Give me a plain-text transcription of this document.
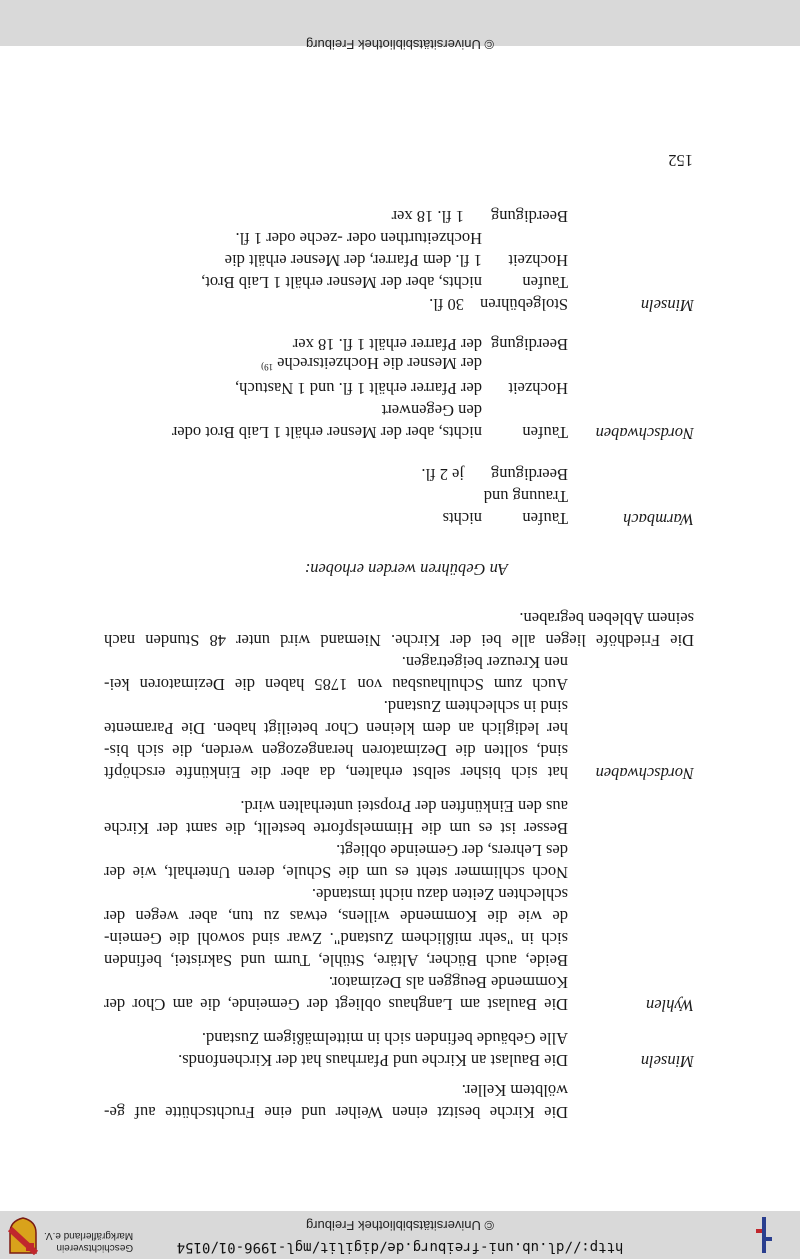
http://dl.ub.uni-freiburg.de/digilit/mgl-1996-01/0154
© Universitätsbibliothek Freiburg
Geschichtsverein
Markgräflerland e.V.
© Universitätsbibliothek Freiburg
152
Die Kirche besitzt einen Weiher und eine Fruchtschütte auf ge-
wölbtem Keller.
Minseln
Die Baulast an Kirche und Pfarrhaus hat der Kirchenfonds.
Alle Gebäude befinden sich in mittelmäßigem Zustand.
Wyhlen
Die Baulast am Langhaus obliegt der Gemeinde, die am Chor der
Kommende Beuggen als Dezimator.
Beide, auch Bücher, Altäre, Stühle, Turm und Sakristei, befinden
sich in "sehr mißlichem Zustand". Zwar sind sowohl die Gemein-
de wie die Kommende willens, etwas zu tun, aber wegen der
schlechten Zeiten dazu nicht imstande.
Noch schlimmer steht es um die Schule, deren Unterhalt, wie der
des Lehrers, der Gemeinde obliegt.
Besser ist es um die Himmelspforte bestellt, die samt der Kirche
aus den Einkünften der Propstei unterhalten wird.
Nordschwaben
hat sich bisher selbst erhalten, da aber die Einkünfte erschöpft
sind, sollten die Dezimatoren herangezogen werden, die sich bis-
her lediglich an dem kleinen Chor beteiligt haben. Die Paramente
sind in schlechtem Zustand.
Auch zum Schulhausbau von 1785 haben die Dezimatoren kei-
nen Kreuzer beigetragen.
Die Friedhöfe liegen alle bei der Kirche. Niemand wird unter 48 Stunden nach
seinem Ableben begraben.
An Gebühren werden erhoben:
Warmbach
Taufen
nichts
Trauung und
Beerdigung
je 2 fl.
Nordschwaben
Taufen
nichts, aber der Mesner erhält 1 Laib Brot oder
den Gegenwert
Hochzeit
der Pfarrer erhält 1 fl. und 1 Nastuch,
der Mesner die Hochzeitsreche $^{19)}$
Beerdigung
der Pfarrer erhält 1 fl. 18 xer
Minseln
Stolgebühren
30 fl.
Taufen
nichts, aber der Mesner erhält 1 Laib Brot,
Hochzeit
1 fl. dem Pfarrer, der Mesner erhält die
Hochzeiturthen oder -zeche oder 1 fl.
Beerdigung
1 fl. 18 xer
